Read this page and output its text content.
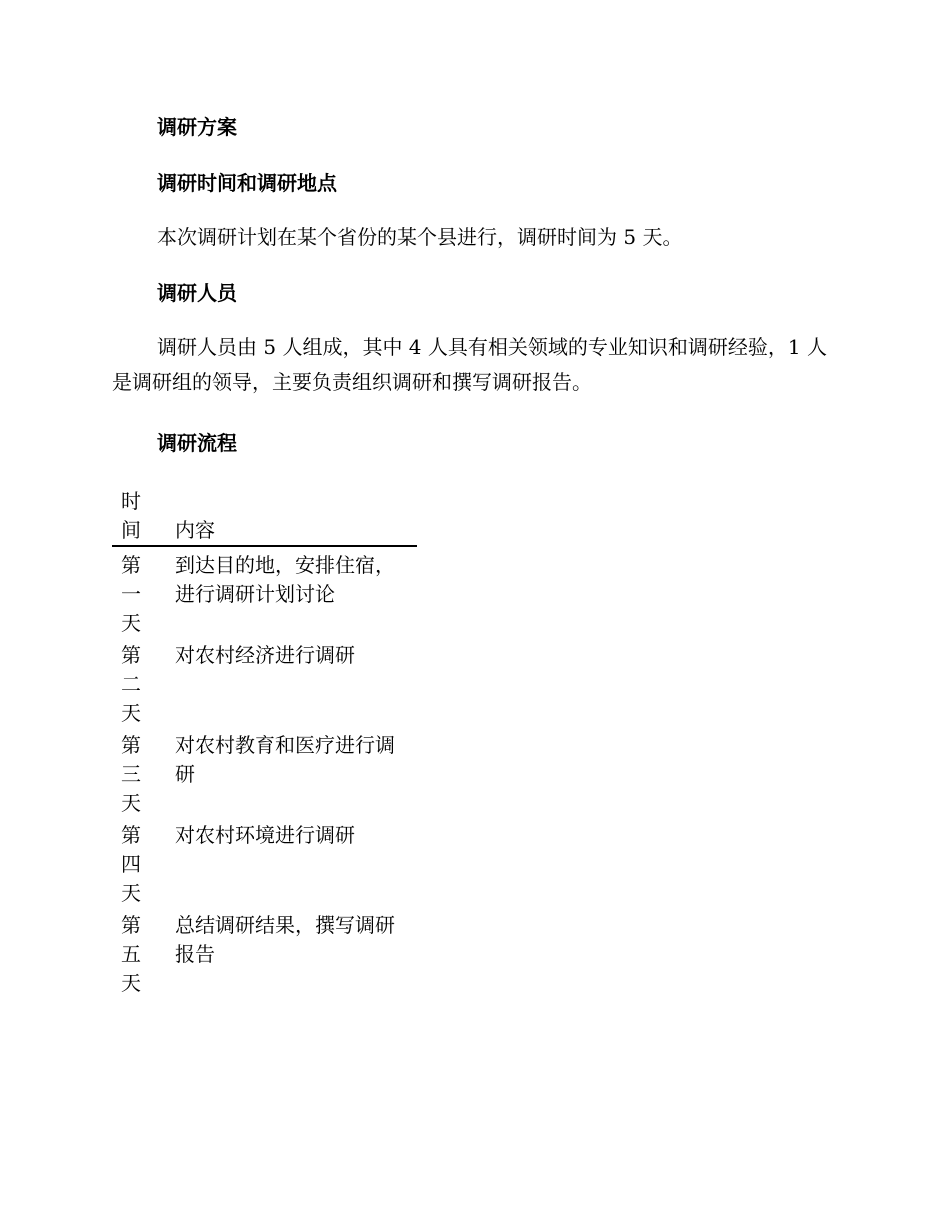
调研方案
调研时间和调研地点
本次调研计划在某个省份的某个县进行，调研时间为 5 天。
调研人员
调研人员由 5 人组成，其中 4 人具有相关领域的专业知识和调研经验，1 人是调研组的领导，主要负责组织调研和撰写调研报告。
调研流程
时间 内容
第一天
到达目的地，安排住宿，进行调研计划讨论
第二天
对农村经济进行调研
第三天
对农村教育和医疗进行调研
第四天
对农村环境进行调研
第五天
总结调研结果，撰写调研报告
